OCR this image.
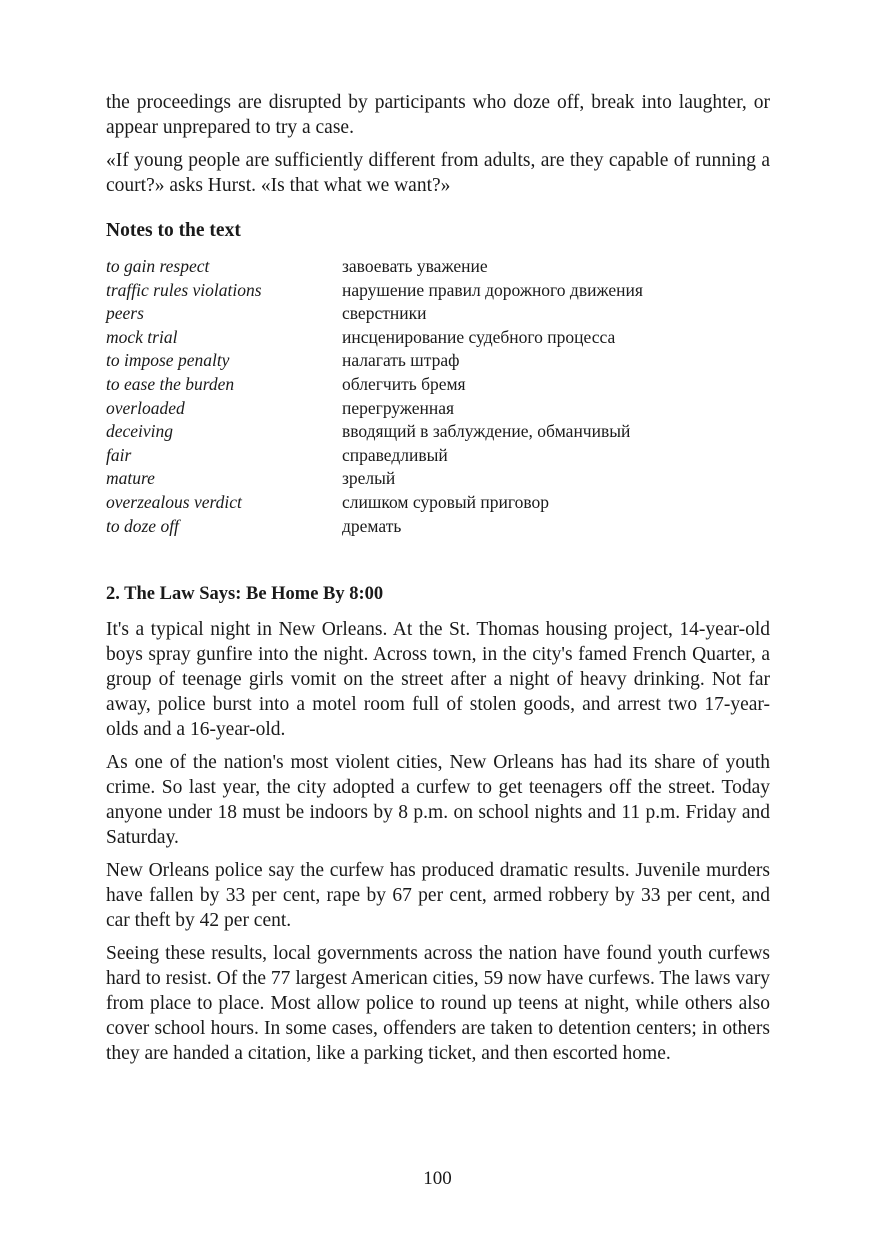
the proceedings are disrupted by participants who doze off, break into laughter, or appear unprepared to try a case.

«If young people are sufficiently different from adults, are they capable of running a court?» asks Hurst. «Is that what we want?»

Notes to the text
to gain respect	завоевать уважение
traffic rules violations	нарушение правил дорожного движения
peers	сверстники
mock trial	инсценирование судебного процесса
to impose penalty	налагать штраф
to ease the burden	облегчить бремя
overloaded	перегруженная
deceiving	вводящий в заблуждение, обманчивый
fair	справедливый
mature	зрелый
overzealous verdict	слишком суровый приговор
to doze off	дремать
2. The Law Says: Be Home By 8:00

It's a typical night in New Orleans. At the St. Thomas housing project, 14-year-old boys spray gunfire into the night. Across town, in the city's famed French Quarter, a group of teenage girls vomit on the street after a night of heavy drinking. Not far away, police burst into a motel room full of stolen goods, and arrest two 17-year-olds and a 16-year-old.

As one of the nation's most violent cities, New Orleans has had its share of youth crime. So last year, the city adopted a curfew to get teenagers off the street. Today anyone under 18 must be indoors by 8 p.m. on school nights and 11 p.m. Friday and Saturday.

New Orleans police say the curfew has produced dramatic results. Juvenile murders have fallen by 33 per cent, rape by 67 per cent, armed robbery by 33 per cent, and car theft by 42 per cent.

Seeing these results, local governments across the nation have found youth curfews hard to resist. Of the 77 largest American cities, 59 now have curfews. The laws vary from place to place. Most allow police to round up teens at night, while others also cover school hours. In some cases, offenders are taken to detention centers; in others they are handed a citation, like a parking ticket, and then escorted home.

100
